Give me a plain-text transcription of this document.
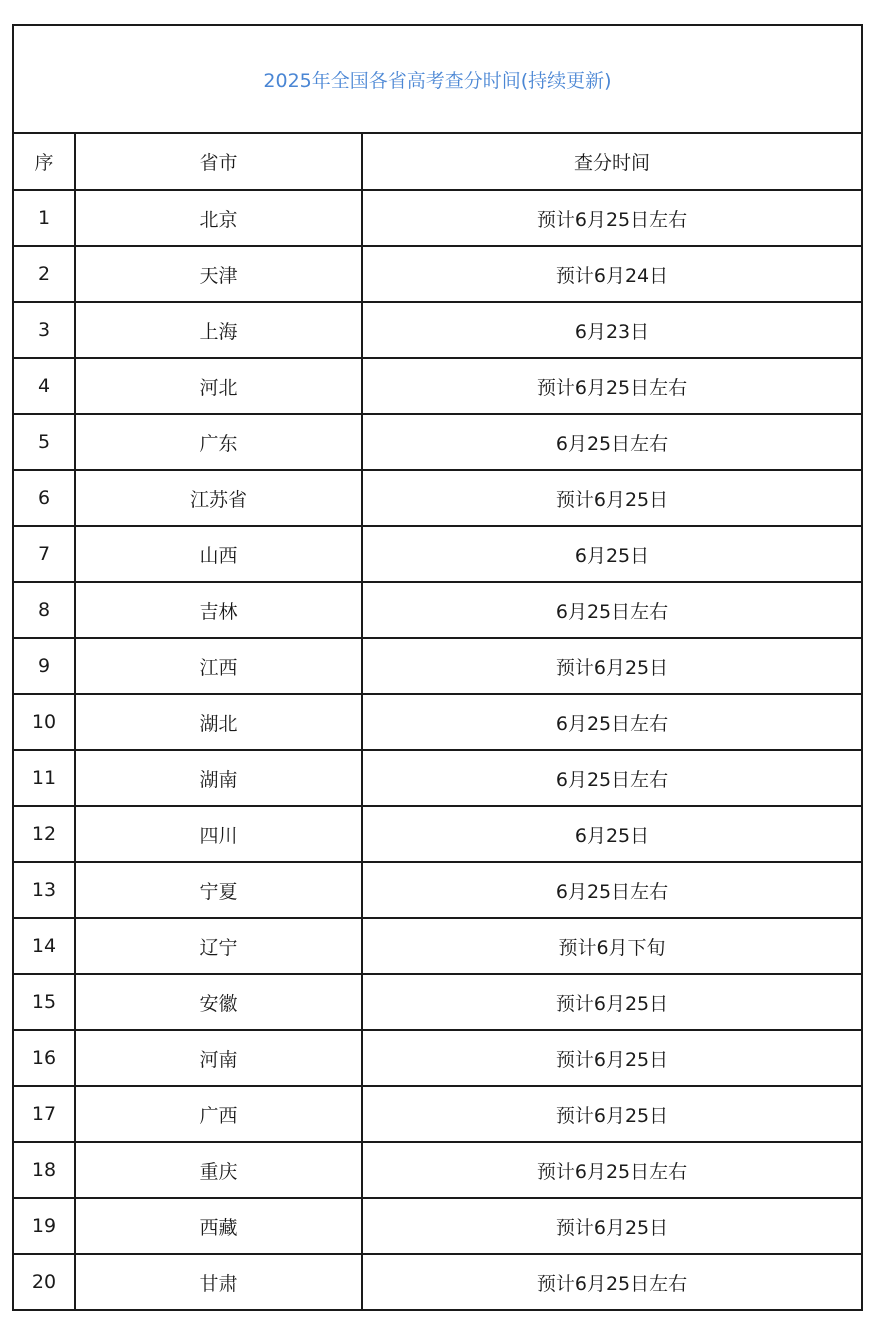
2025年全国各省高考查分时间(持续更新)		
序	省市	查分时间
1	北京	预计6月25日左右
2	天津	预计6月24日
3	上海	6月23日
4	河北	预计6月25日左右
5	广东	6月25日左右
6	江苏省	预计6月25日
7	山西	6月25日
8	吉林	6月25日左右
9	江西	预计6月25日
10	湖北	6月25日左右
11	湖南	6月25日左右
12	四川	6月25日
13	宁夏	6月25日左右
14	辽宁	预计6月下旬
15	安徽	预计6月25日
16	河南	预计6月25日
17	广西	预计6月25日
18	重庆	预计6月25日左右
19	西藏	预计6月25日
20	甘肃	预计6月25日左右
